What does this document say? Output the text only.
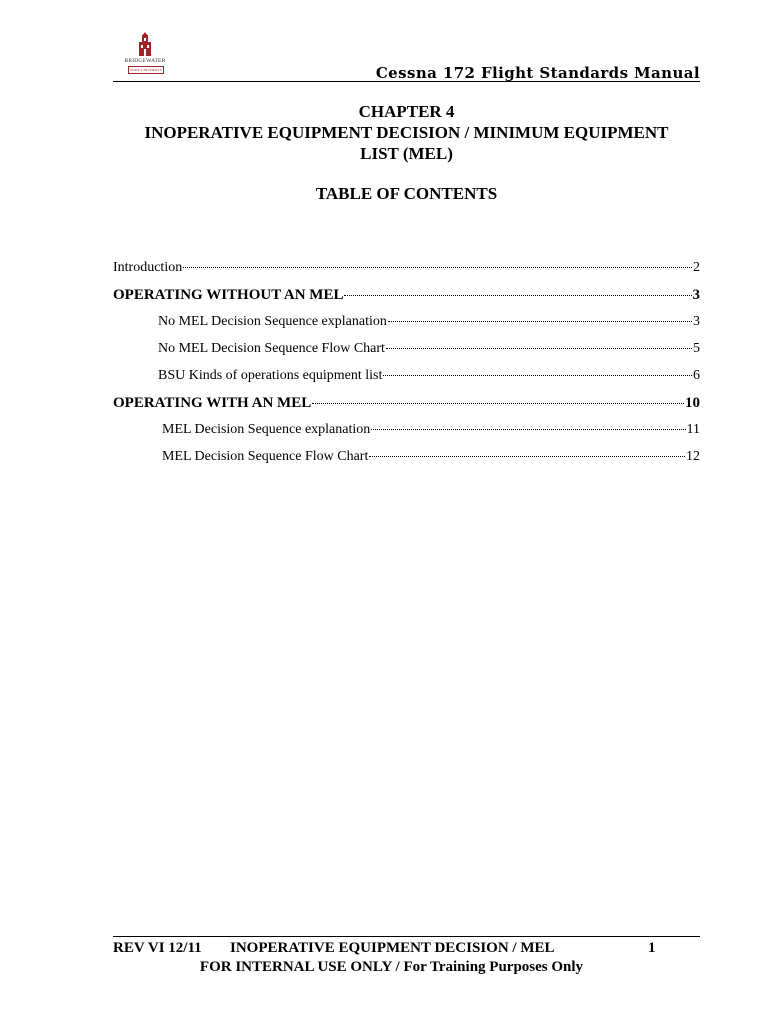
BRIDGEWATER
STATE UNIVERSITY	Cessna 172 Flight Standards Manual
CHAPTER 4
INOPERATIVE EQUIPMENT DECISION / MINIMUM EQUIPMENT
LIST (MEL)
TABLE OF CONTENTS
Introduction	2
OPERATING WITHOUT AN MEL	3
No MEL Decision Sequence explanation	3
No MEL Decision Sequence Flow Chart	5
BSU Kinds of operations equipment list	6
OPERATING WITH AN MEL	10
MEL Decision Sequence explanation	11
MEL Decision Sequence Flow Chart	12
REV VI 12/11 INOPERATIVE EQUIPMENT DECISION / MEL	1
FOR INTERNAL USE ONLY / For Training Purposes Only
